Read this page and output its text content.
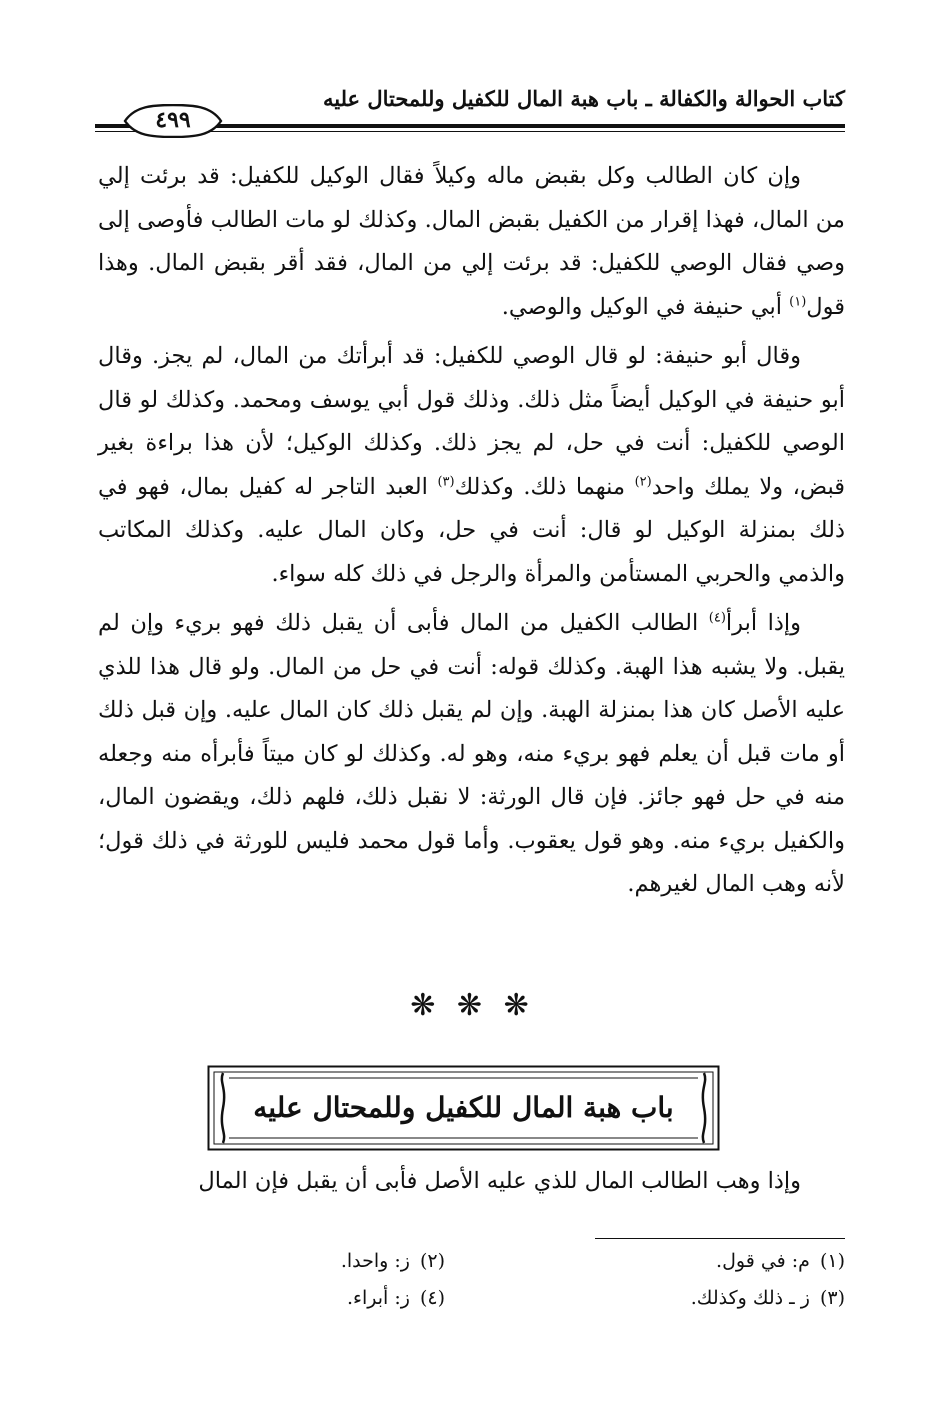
كتاب الحوالة والكفالة ـ باب هبة المال للكفيل وللمحتال عليه
٤٩٩

وإن كان الطالب وكل بقبض ماله وكيلاً فقال الوكيل للكفيل: قد برئت إلي من المال، فهذا إقرار من الكفيل بقبض المال. وكذلك لو مات الطالب فأوصى إلى وصي فقال الوصي للكفيل: قد برئت إلي من المال، فقد أقر بقبض المال. وهذا قول$^{(١)}$ أبي حنيفة في الوكيل والوصي.

وقال أبو حنيفة: لو قال الوصي للكفيل: قد أبرأتك من المال، لم يجز. وقال أبو حنيفة في الوكيل أيضاً مثل ذلك. وذلك قول أبي يوسف ومحمد. وكذلك لو قال الوصي للكفيل: أنت في حل، لم يجز ذلك. وكذلك الوكيل؛ لأن هذا براءة بغير قبض، ولا يملك واحد$^{(٢)}$ منهما ذلك. وكذلك$^{(٣)}$ العبد التاجر له كفيل بمال، فهو في ذلك بمنزلة الوكيل لو قال: أنت في حل، وكان المال عليه. وكذلك المكاتب والذمي والحربي المستأمن والمرأة والرجل في ذلك كله سواء.

وإذا أبرأ$^{(٤)}$ الطالب الكفيل من المال فأبى أن يقبل ذلك فهو بريء وإن لم يقبل. ولا يشبه هذا الهبة. وكذلك قوله: أنت في حل من المال. ولو قال هذا للذي عليه الأصل كان هذا بمنزلة الهبة. وإن لم يقبل ذلك كان المال عليه. وإن قبل ذلك أو مات قبل أن يعلم فهو بريء منه، وهو له. وكذلك لو كان ميتاً فأبرأه منه وجعله منه في حل فهو جائز. فإن قال الورثة: لا نقبل ذلك، فلهم ذلك، ويقضون المال، والكفيل بريء منه. وهو قول يعقوب. وأما قول محمد فليس للورثة في ذلك قول؛ لأنه وهب المال لغيرهم.

❋ ❋ ❋
باب هبة المال للكفيل وللمحتال عليه
وإذا وهب الطالب المال للذي عليه الأصل فأبى أن يقبل فإن المال
(١)م: في قول.
(٢)ز: واحدا.
(٣)ز ـ ذلك وكذلك.
(٤)ز: أبراء.
